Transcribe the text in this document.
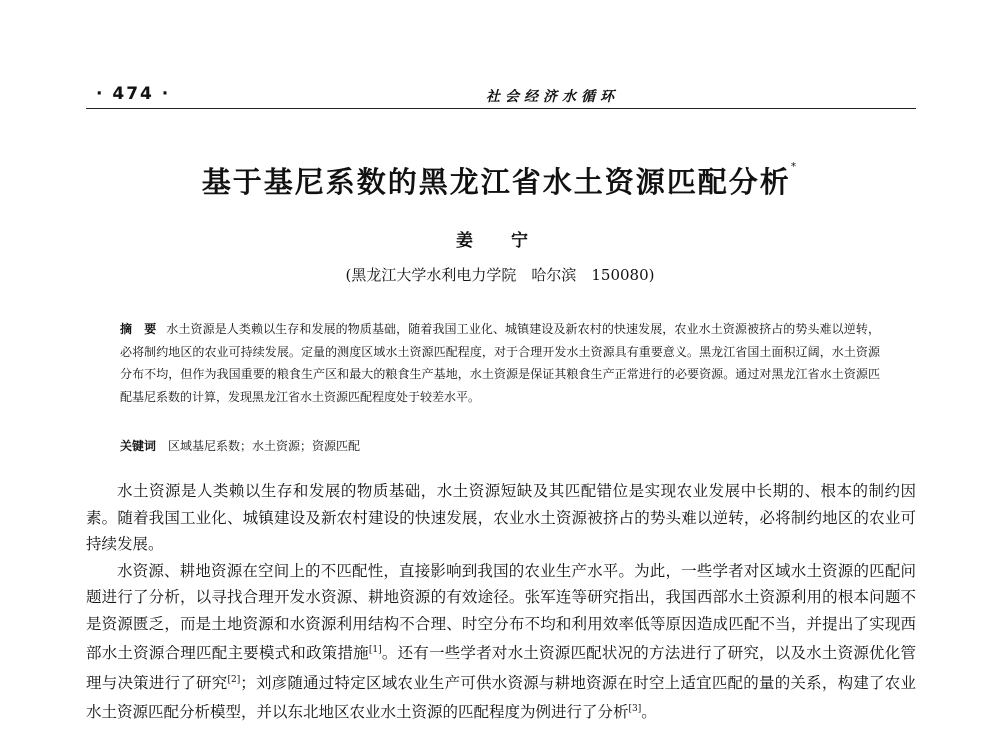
· 474 ·	社会经济水循环
基于基尼系数的黑龙江省水土资源匹配分析*
姜 宁
(黑龙江大学水利电力学院　哈尔滨　150080)
摘　要 水土资源是人类赖以生存和发展的物质基础，随着我国工业化、城镇建设及新农村的快速发展，农业水土资源被挤占的势头难以逆转，必将制约地区的农业可持续发展。定量的测度区域水土资源匹配程度，对于合理开发水土资源具有重要意义。黑龙江省国土面积辽阔，水土资源分布不均，但作为我国重要的粮食生产区和最大的粮食生产基地，水土资源是保证其粮食生产正常进行的必要资源。通过对黑龙江省水土资源匹配基尼系数的计算，发现黑龙江省水土资源匹配程度处于较差水平。
关键词 区域基尼系数；水土资源；资源匹配

水土资源是人类赖以生存和发展的物质基础，水土资源短缺及其匹配错位是实现农业发展中长期的、根本的制约因素。随着我国工业化、城镇建设及新农村建设的快速发展，农业水土资源被挤占的势头难以逆转，必将制约地区的农业可持续发展。

水资源、耕地资源在空间上的不匹配性，直接影响到我国的农业生产水平。为此，一些学者对区域水土资源的匹配问题进行了分析，以寻找合理开发水资源、耕地资源的有效途径。张军连等研究指出，我国西部水土资源利用的根本问题不是资源匮乏，而是土地资源和水资源利用结构不合理、时空分布不均和利用效率低等原因造成匹配不当，并提出了实现西部水土资源合理匹配主要模式和政策措施[1]。还有一些学者对水土资源匹配状况的方法进行了研究，以及水土资源优化管理与决策进行了研究[2]；刘彦随通过特定区域农业生产可供水资源与耕地资源在时空上适宜匹配的量的关系，构建了农业水土资源匹配分析模型，并以东北地区农业水土资源的匹配程度为例进行了分析[3]。
